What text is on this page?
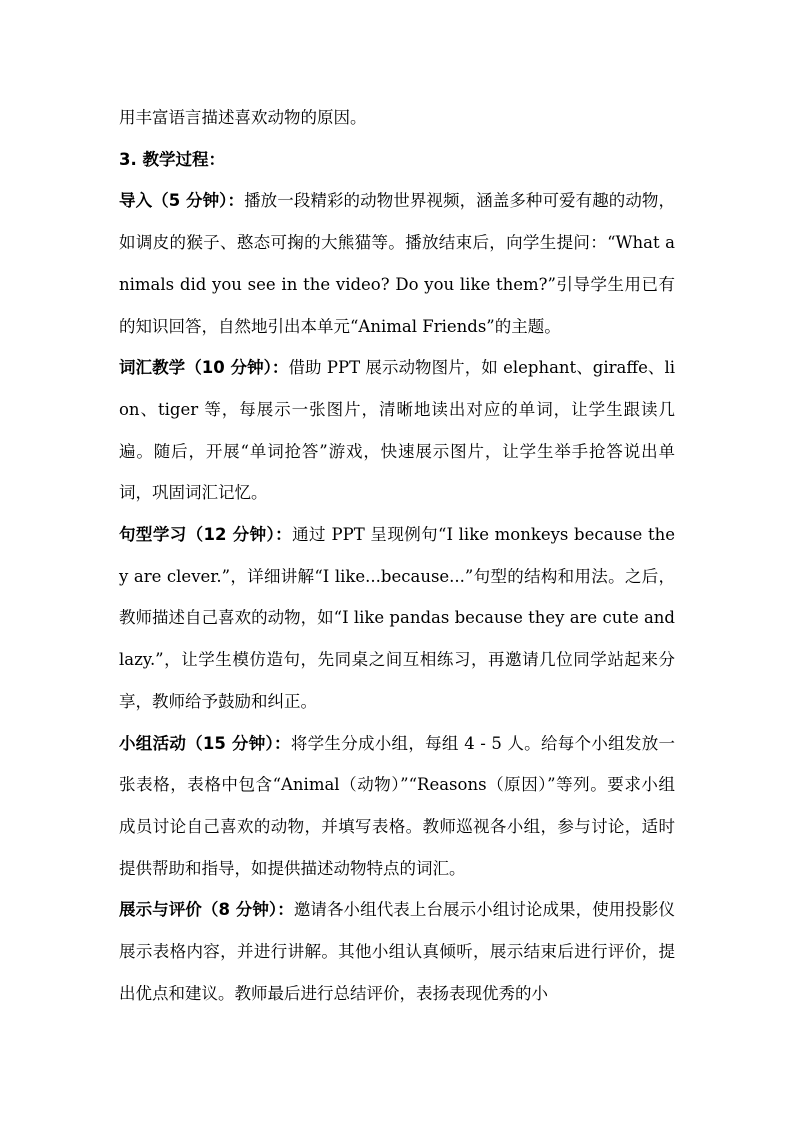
用丰富语言描述喜欢动物的原因。

3. 教学过程：

导入（5 分钟）：播放一段精彩的动物世界视频，涵盖多种可爱有趣的动物，如调皮的猴子、憨态可掬的大熊猫等。播放结束后，向学生提问：“What animals did you see in the video? Do you like them?”引导学生用已有的知识回答，自然地引出本单元“Animal Friends”的主题。

词汇教学（10 分钟）：借助 PPT 展示动物图片，如 elephant、giraffe、lion、tiger 等，每展示一张图片，清晰地读出对应的单词，让学生跟读几遍。随后，开展“单词抢答”游戏，快速展示图片，让学生举手抢答说出单词，巩固词汇记忆。

句型学习（12 分钟）：通过 PPT 呈现例句“I like monkeys because they are clever.”，详细讲解“I like...because...”句型的结构和用法。之后，教师描述自己喜欢的动物，如“I like pandas because they are cute and lazy.”，让学生模仿造句，先同桌之间互相练习，再邀请几位同学站起来分享，教师给予鼓励和纠正。

小组活动（15 分钟）：将学生分成小组，每组 4 - 5 人。给每个小组发放一张表格，表格中包含“Animal（动物）”“Reasons（原因）”等列。要求小组成员讨论自己喜欢的动物，并填写表格。教师巡视各小组，参与讨论，适时提供帮助和指导，如提供描述动物特点的词汇。

展示与评价（8 分钟）：邀请各小组代表上台展示小组讨论成果，使用投影仪展示表格内容，并进行讲解。其他小组认真倾听，展示结束后进行评价，提出优点和建议。教师最后进行总结评价，表扬表现优秀的小
